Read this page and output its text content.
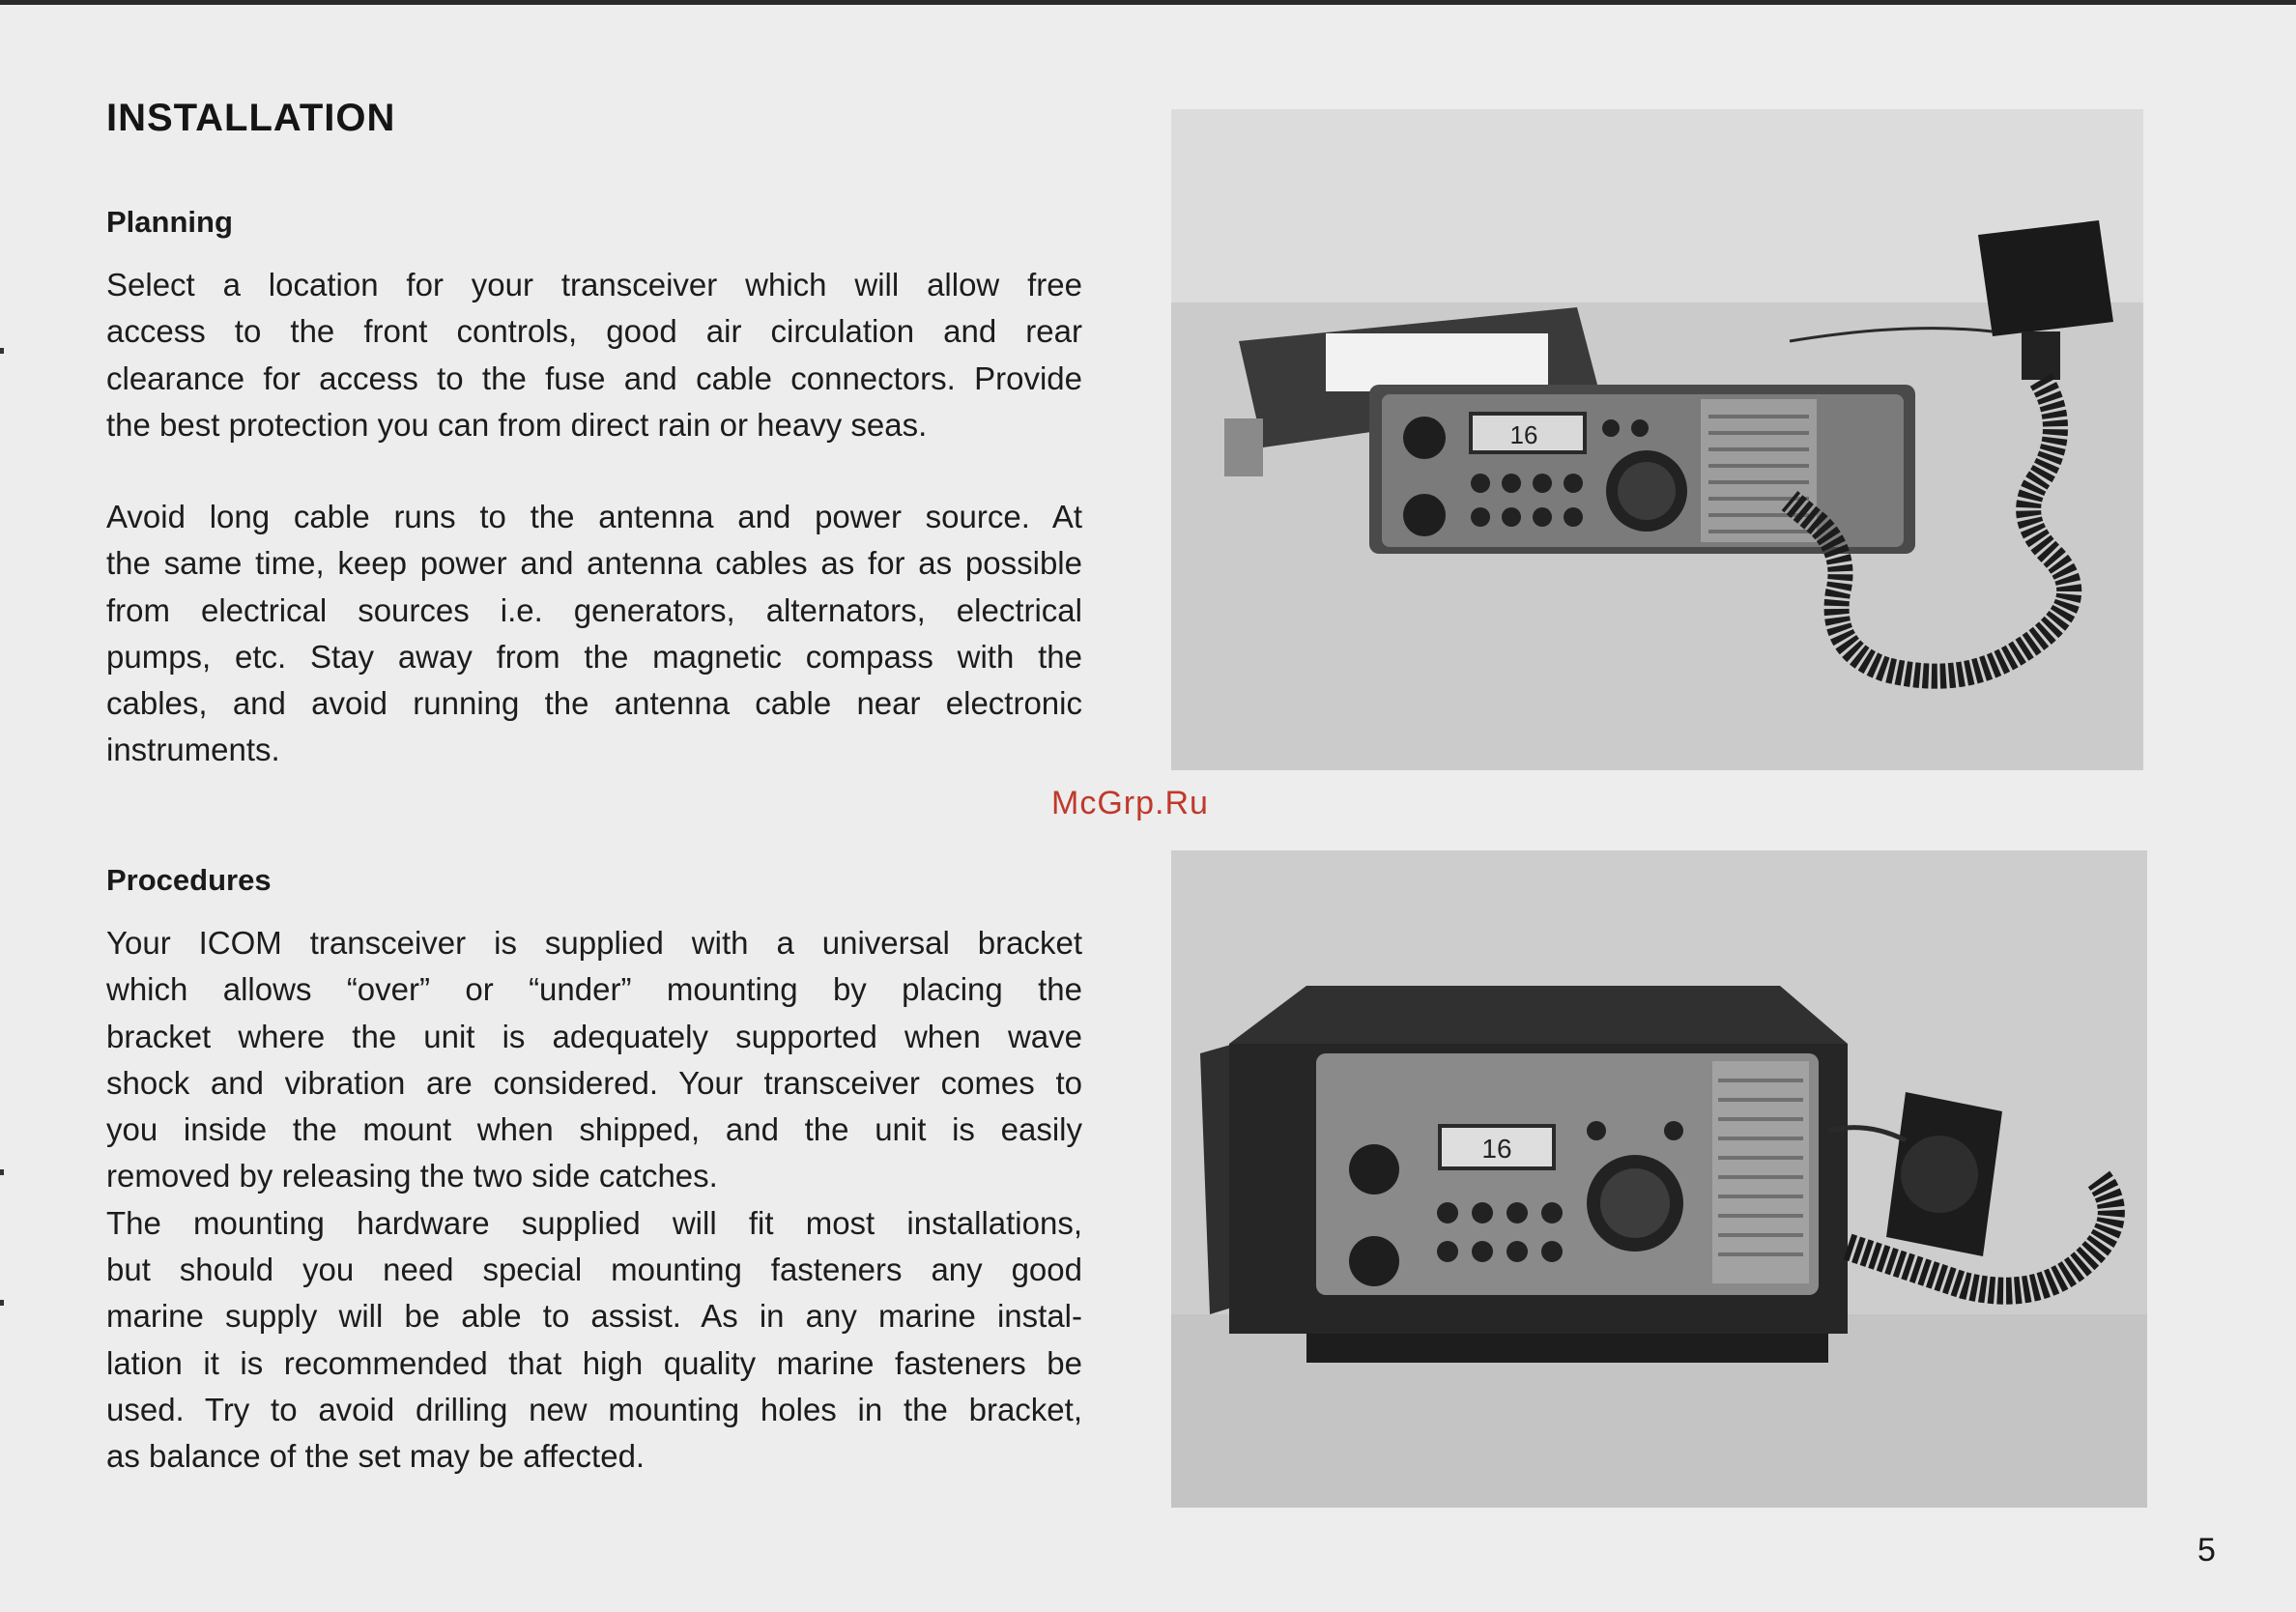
INSTALLATION
Planning
Select a location for your transceiver which will allow free
access to the front controls, good air circulation and rear
clearance for access to the fuse and cable connectors. Provide
the best protection you can from direct rain or heavy seas.
Avoid long cable runs to the antenna and power source. At
the same time, keep power and antenna cables as for as possible
from electrical sources i.e. generators, alternators, electrical
pumps, etc. Stay away from the magnetic compass with the
cables, and avoid running the antenna cable near electronic
instruments.
McGrp.Ru
Procedures
Your ICOM transceiver is supplied with a universal bracket
which allows “over” or “under” mounting by placing the
bracket where the unit is adequately supported when wave
shock and vibration are considered. Your transceiver comes to
you inside the mount when shipped, and the unit is easily
removed by releasing the two side catches.
The mounting hardware supplied will fit most installations,
but should you need special mounting fasteners any good
marine supply will be able to assist. As in any marine instal-
lation it is recommended that high quality marine fasteners be
used. Try to avoid drilling new mounting holes in the bracket,
as balance of the set may be affected.
16
16
5
